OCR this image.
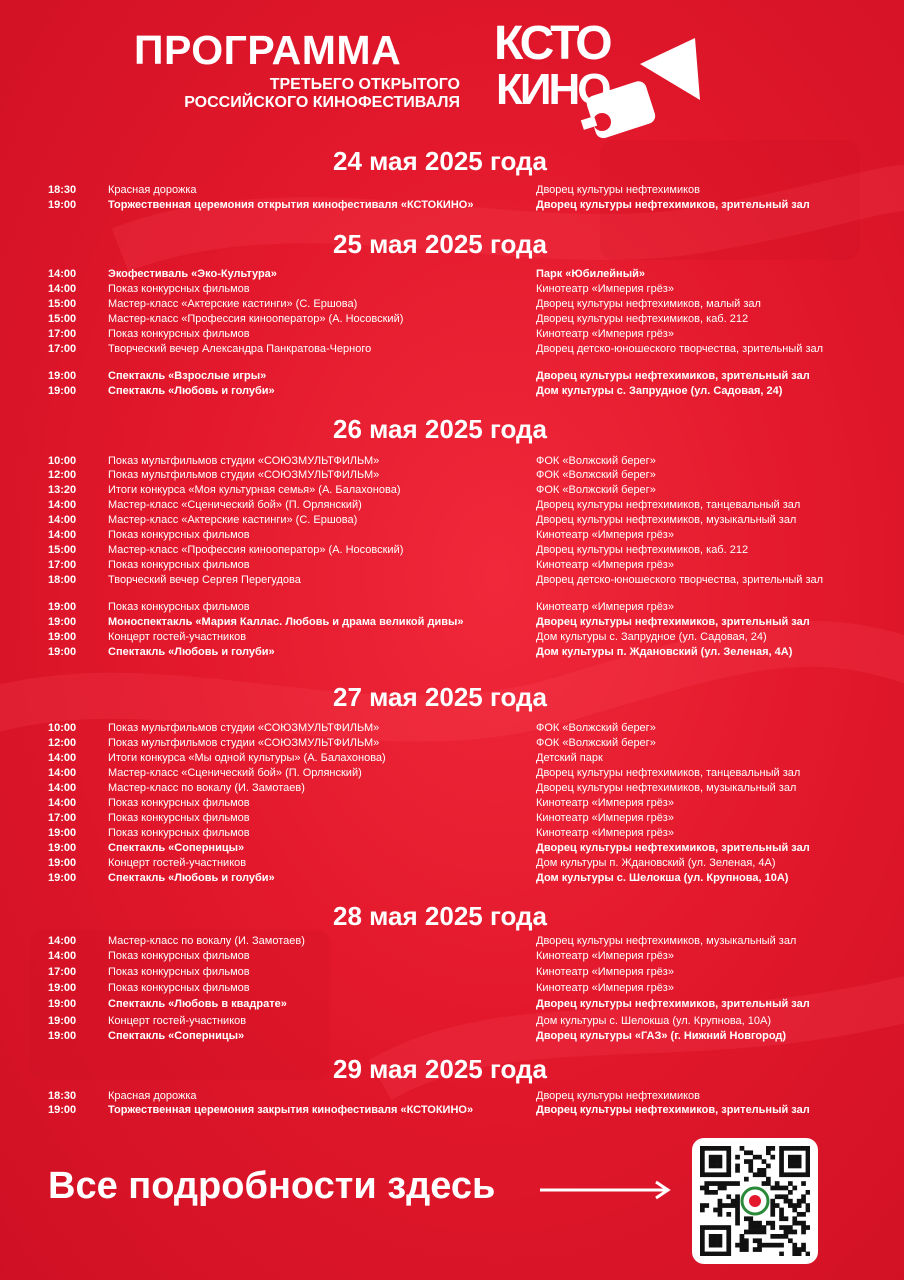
ПРОГРАММА
ТРЕТЬЕГО ОТКРЫТОГО
РОССИЙСКОГО КИНОФЕСТИВАЛЯ
КСТО
КИНО
24 мая 2025 года
18:30	Красная дорожка	Дворец культуры нефтехимиков
19:00	Торжественная церемония открытия кинофестиваля «КСТОКИНО»	Дворец культуры нефтехимиков, зрительный зал
25 мая 2025 года
14:00	Экофестиваль «Эко-Культура»	Парк «Юбилейный»
14:00	Показ конкурсных фильмов	Кинотеатр «Империя грёз»
15:00	Мастер-класс «Актерские кастинги» (С. Ершова)	Дворец культуры нефтехимиков, малый зал
15:00	Мастер-класс «Профессия кинооператор» (А. Носовский)	Дворец культуры нефтехимиков, каб. 212
17:00	Показ конкурсных фильмов	Кинотеатр «Империя грёз»
17:00	Творческий вечер Александра Панкратова-Черного	Дворец детско-юношеского творчества, зрительный зал
19:00	Спектакль «Взрослые игры»	Дворец культуры нефтехимиков, зрительный зал
19:00	Спектакль «Любовь и голуби»	Дом культуры с. Запрудное (ул. Садовая, 24)
26 мая 2025 года
10:00	Показ мультфильмов студии «СОЮЗМУЛЬТФИЛЬМ»	ФОК «Волжский берег»
12:00	Показ мультфильмов студии «СОЮЗМУЛЬТФИЛЬМ»	ФОК «Волжский берег»
13:20	Итоги конкурса «Моя культурная семья» (А. Балахонова)	ФОК «Волжский берег»
14:00	Мастер-класс «Сценический бой» (П. Орлянский)	Дворец культуры нефтехимиков, танцевальный зал
14:00	Мастер-класс «Актерские кастинги» (С. Ершова)	Дворец культуры нефтехимиков, музыкальный зал
14:00	Показ конкурсных фильмов	Кинотеатр «Империя грёз»
15:00	Мастер-класс «Профессия кинооператор» (А. Носовский)	Дворец культуры нефтехимиков, каб. 212
17:00	Показ конкурсных фильмов	Кинотеатр «Империя грёз»
18:00	Творческий вечер Сергея Перегудова	Дворец детско-юношеского творчества, зрительный зал
19:00	Показ конкурсных фильмов	Кинотеатр «Империя грёз»
19:00	Моноспектакль «Мария Каллас. Любовь и драма великой дивы»	Дворец культуры нефтехимиков, зрительный зал
19:00	Концерт гостей-участников	Дом культуры с. Запрудное (ул. Садовая, 24)
19:00	Спектакль «Любовь и голуби»	Дом культуры п. Ждановский (ул. Зеленая, 4А)
27 мая 2025 года
10:00	Показ мультфильмов студии «СОЮЗМУЛЬТФИЛЬМ»	ФОК «Волжский берег»
12:00	Показ мультфильмов студии «СОЮЗМУЛЬТФИЛЬМ»	ФОК «Волжский берег»
14:00	Итоги конкурса «Мы одной культуры» (А. Балахонова)	Детский парк
14:00	Мастер-класс «Сценический бой» (П. Орлянский)	Дворец культуры нефтехимиков, танцевальный зал
14:00	Мастер-класс по вокалу (И. Замотаев)	Дворец культуры нефтехимиков, музыкальный зал
14:00	Показ конкурсных фильмов	Кинотеатр «Империя грёз»
17:00	Показ конкурсных фильмов	Кинотеатр «Империя грёз»
19:00	Показ конкурсных фильмов	Кинотеатр «Империя грёз»
19:00	Спектакль «Соперницы»	Дворец культуры нефтехимиков, зрительный зал
19:00	Концерт гостей-участников	Дом культуры п. Ждановский (ул. Зеленая, 4А)
19:00	Спектакль «Любовь и голуби»	Дом культуры с. Шелокша (ул. Крупнова, 10А)
28 мая 2025 года
14:00	Мастер-класс по вокалу (И. Замотаев)	Дворец культуры нефтехимиков, музыкальный зал
14:00	Показ конкурсных фильмов	Кинотеатр «Империя грёз»
17:00	Показ конкурсных фильмов	Кинотеатр «Империя грёз»
19:00	Показ конкурсных фильмов	Кинотеатр «Империя грёз»
19:00	Спектакль «Любовь в квадрате»	Дворец культуры нефтехимиков, зрительный зал
19:00	Концерт гостей-участников	Дом культуры с. Шелокша (ул. Крупнова, 10А)
19:00	Спектакль «Соперницы»	Дворец культуры «ГАЗ» (г. Нижний Новгород)
29 мая 2025 года
18:30	Красная дорожка	Дворец культуры нефтехимиков
19:00	Торжественная церемония закрытия кинофестиваля «КСТОКИНО»	Дворец культуры нефтехимиков, зрительный зал
Все подробности здесь
